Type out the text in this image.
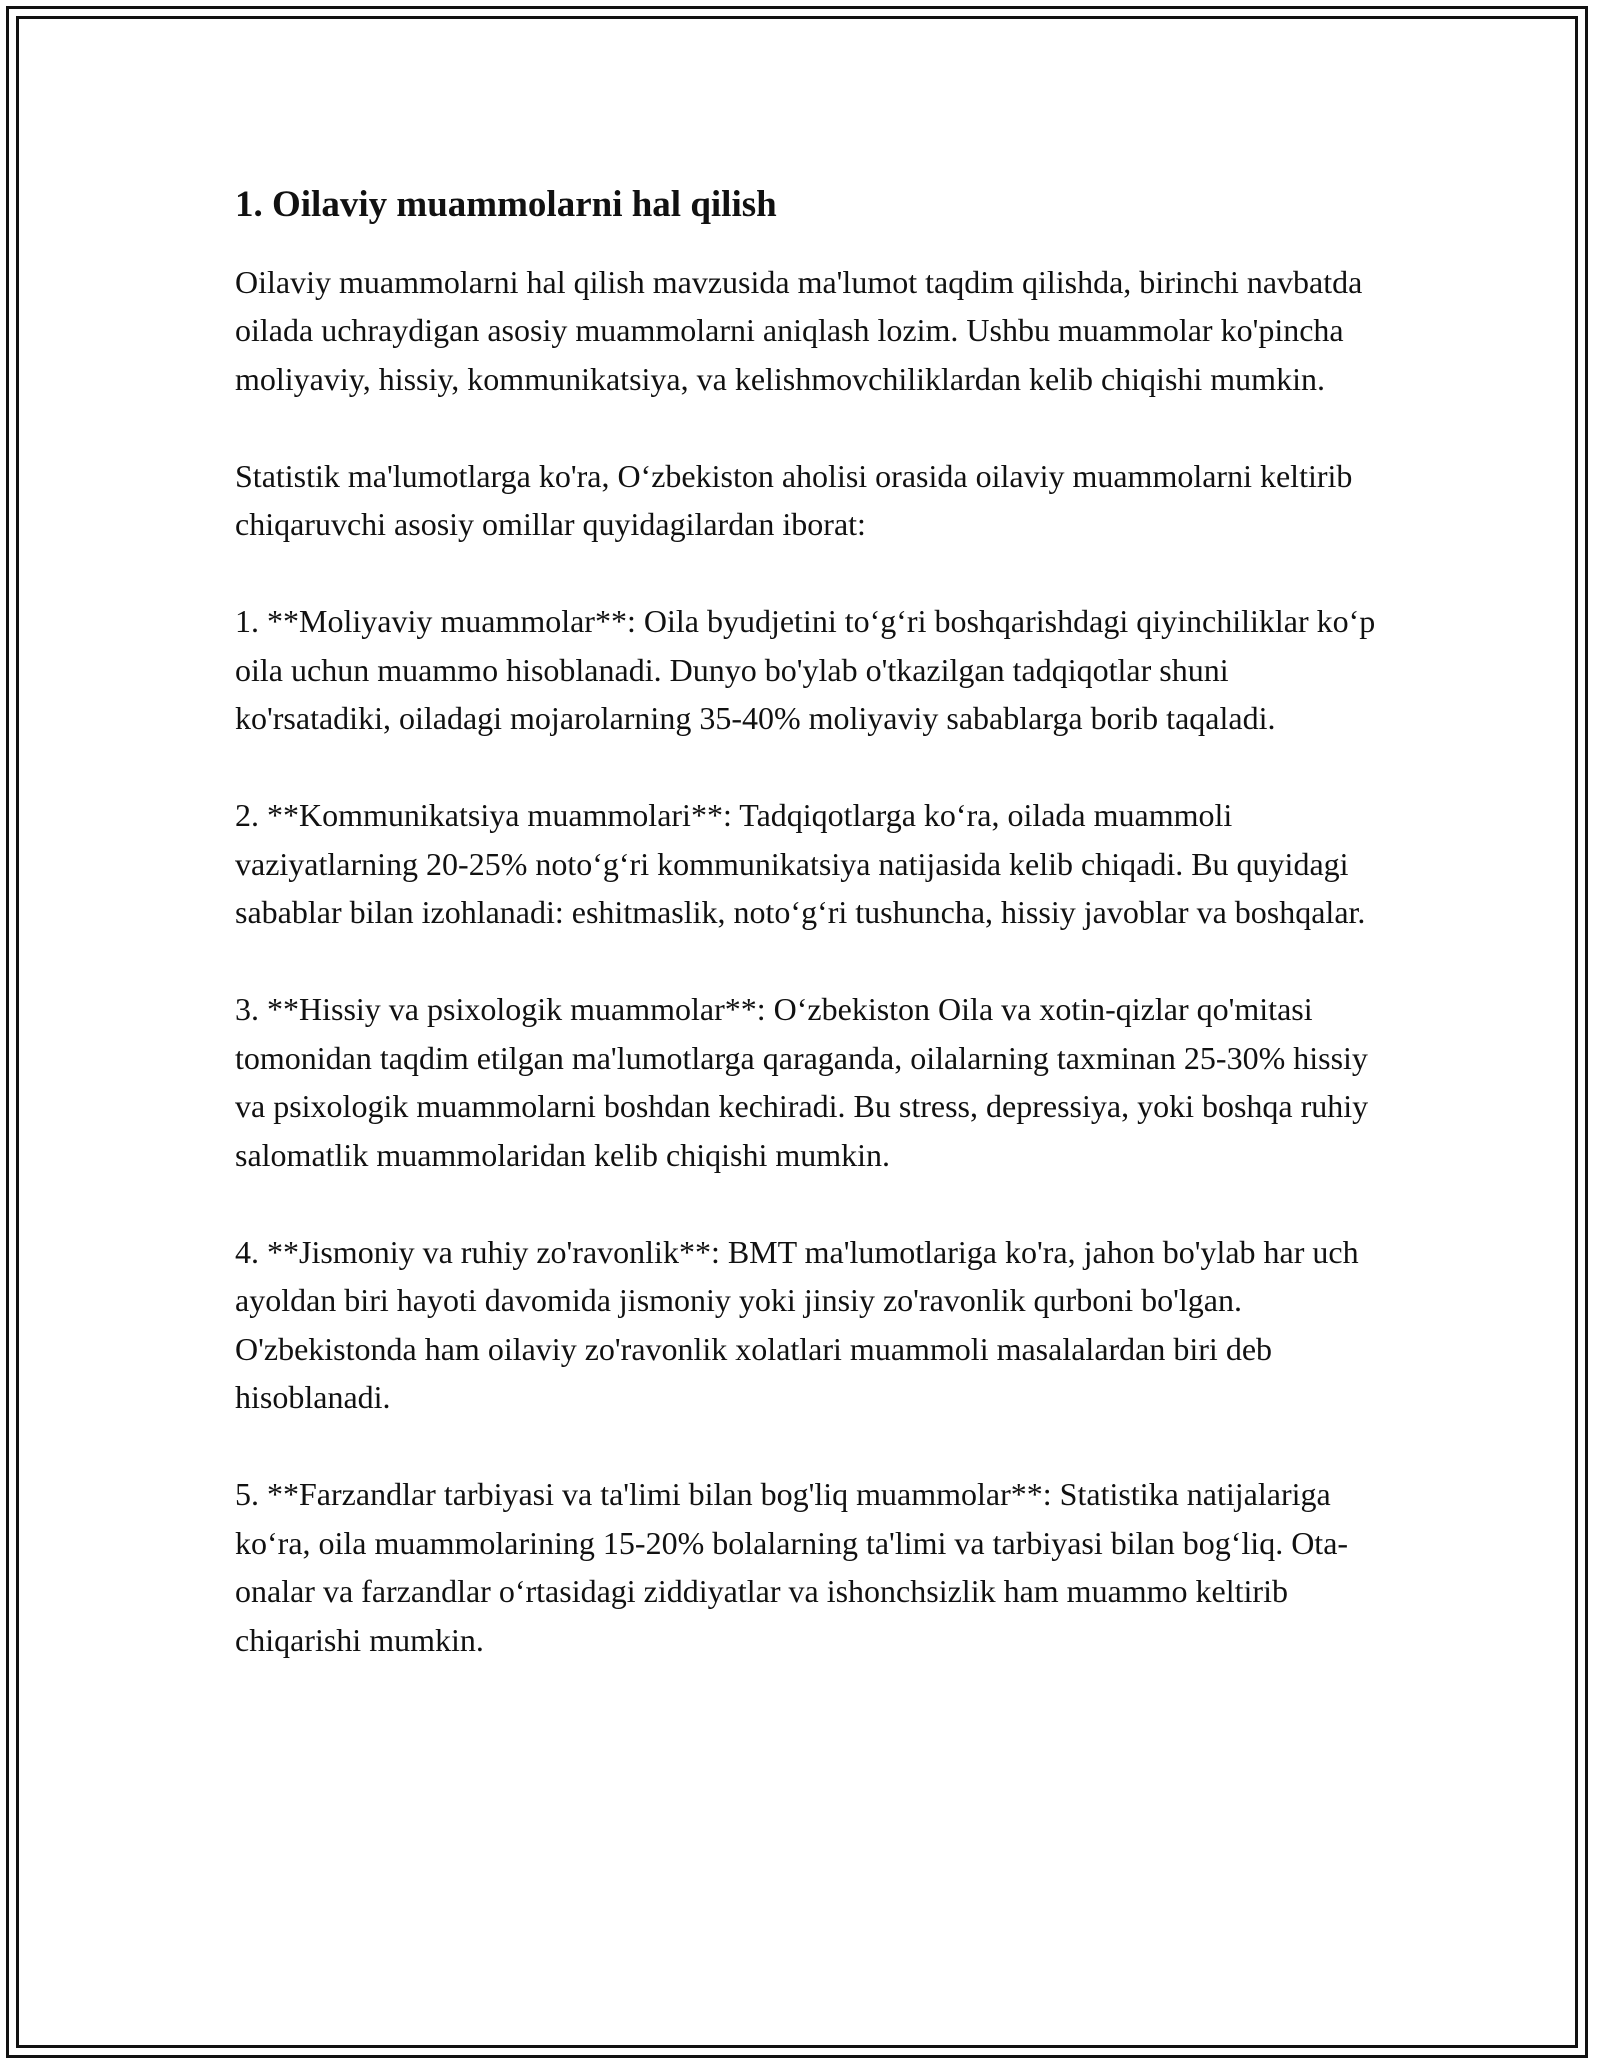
1. Oilaviy muammolarni hal qilish

Oilaviy muammolarni hal qilish mavzusida ma'lumot taqdim qilishda, birinchi navbatda oilada uchraydigan asosiy muammolarni aniqlash lozim. Ushbu muammolar ko'pincha moliyaviy, hissiy, kommunikatsiya, va kelishmovchiliklardan kelib chiqishi mumkin.

Statistik ma'lumotlarga ko'ra, O‘zbekiston aholisi orasida oilaviy muammolarni keltirib chiqaruvchi asosiy omillar quyidagilardan iborat:

1. **Moliyaviy muammolar**: Oila byudjetini to‘g‘ri boshqarishdagi qiyinchiliklar ko‘p oila uchun muammo hisoblanadi. Dunyo bo'ylab o'tkazilgan tadqiqotlar shuni ko'rsatadiki, oiladagi mojarolarning 35-40% moliyaviy sabablarga borib taqaladi.

2. **Kommunikatsiya muammolari**: Tadqiqotlarga ko‘ra, oilada muammoli vaziyatlarning 20-25% noto‘g‘ri kommunikatsiya natijasida kelib chiqadi. Bu quyidagi sabablar bilan izohlanadi: eshitmaslik, noto‘g‘ri tushuncha, hissiy javoblar va boshqalar.

3. **Hissiy va psixologik muammolar**: O‘zbekiston Oila va xotin-qizlar qo'mitasi tomonidan taqdim etilgan ma'lumotlarga qaraganda, oilalarning taxminan 25-30% hissiy va psixologik muammolarni boshdan kechiradi. Bu stress, depressiya, yoki boshqa ruhiy salomatlik muammolaridan kelib chiqishi mumkin.

4. **Jismoniy va ruhiy zo'ravonlik**: BMT ma'lumotlariga ko'ra, jahon bo'ylab har uch ayoldan biri hayoti davomida jismoniy yoki jinsiy zo'ravonlik qurboni bo'lgan. O'zbekistonda ham oilaviy zo'ravonlik xolatlari muammoli masalalardan biri deb hisoblanadi.

5. **Farzandlar tarbiyasi va ta'limi bilan bog'liq muammolar**: Statistika natijalariga ko‘ra, oila muammolarining 15-20% bolalarning ta'limi va tarbiyasi bilan bog‘liq. Ota-onalar va farzandlar o‘rtasidagi ziddiyatlar va ishonchsizlik ham muammo keltirib chiqarishi mumkin.
